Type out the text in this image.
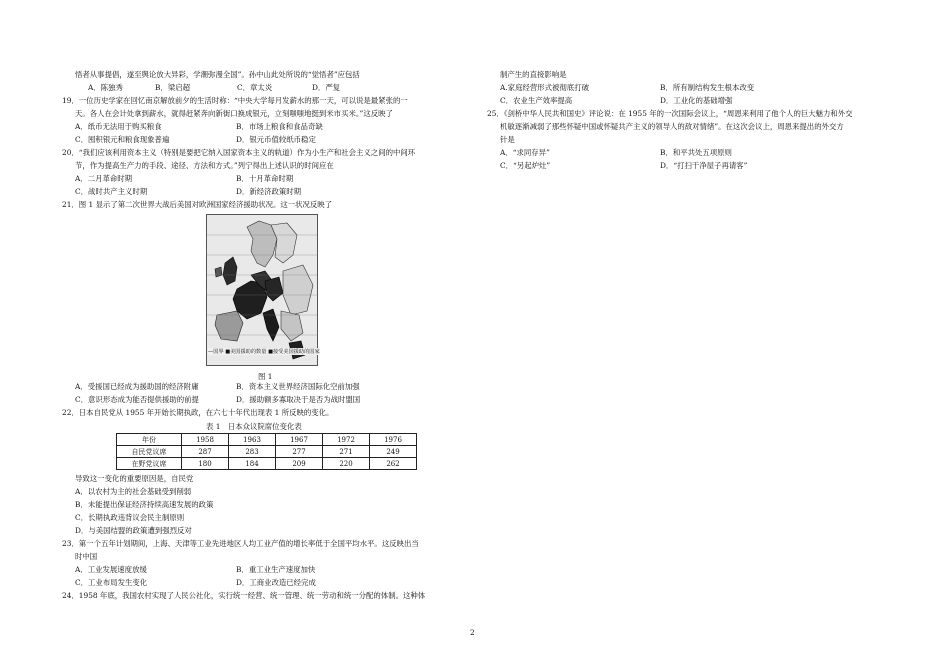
悟者从事提倡，遂至舆论放大异彩，学潮弥漫全国”。孙中山此处所说的“觉悟者”应包括
A．陈独秀	B．梁启超	C．章太炎	D．严复
19．一位历史学家在回忆南京解放前夕的生活时称：“中央大学每月发薪水的那一天，可以说是最紧张的一
天。各人在会计处拿到薪水，就得赶紧奔向新街口换成银元，立刻嗤嗤地挺到米市买米。”这反映了
A．纸币无法用于购买粮食	B．市场上粮食和食品奇缺
C．囤积银元和粮食现象普遍	D．银元币值较纸币稳定
20．“我们应该利用资本主义（特别是要把它纳入国家资本主义的轨道）作为小生产和社会主义之间的中间环
节，作为提高生产力的手段、途径、方法和方式。”列宁得出上述认识的时间应在
A．二月革命时期	B．十月革命时期
C．战时共产主义时期	D．新经济政策时期
21．图 1 显示了第二次世界大战后美国对欧洲国家经济援助状况。这一状况反映了
—国界 ■美国援助的数量 ■接受美国援助的国家
图 1
A．受援国已经成为援助国的经济附庸	B．资本主义世界经济国际化空前加强
C．意识形态成为能否提供援助的前提	D．援助额多寡取决于是否为战时盟国
22．日本自民党从 1955 年开始长期执政，在六七十年代出现表 1 所反映的变化。
表 1　日本众议院席位变化表
年份	1958	1963	1967	1972	1976
自民党议席	287	283	277	271	249
在野党议席	180	184	209	220	262
导致这一变化的重要原因是，自民党
A．以农村为主的社会基础受到削弱
B．未能提出保证经济持续高速发展的政策
C．长期执政违背议会民主制原则
D．与美国结盟的政策遭到强烈反对
23．第一个五年计划期间，上海、天津等工业先进地区人均工业产值的增长率低于全国平均水平。这反映出当
时中国
A．工业发展速度放缓	B．重工业生产速度加快
C．工业布局发生变化	D．工商业改造已经完成
24．1958 年底，我国农村实现了人民公社化，实行统一经营、统一管理、统一劳动和统一分配的体制。这种体
制产生的直接影响是
A.家庭经营形式被彻底打破	B．所有制结构发生根本改变
C．农业生产效率提高	D．工业化的基础增强
25．《剑桥中华人民共和国史》评论说：在 1955 年的一次国际会议上，“周恩来利用了他个人的巨大魅力和外交
机敏逐渐减弱了那些怀疑中国或怀疑共产主义的领导人的敌对情绪”。在这次会议上，周恩来提出的外交方
针是
A．“求同存异”	B．和平共处五项原则
C．“另起炉灶”	D．“打扫干净屋子再请客”
2
